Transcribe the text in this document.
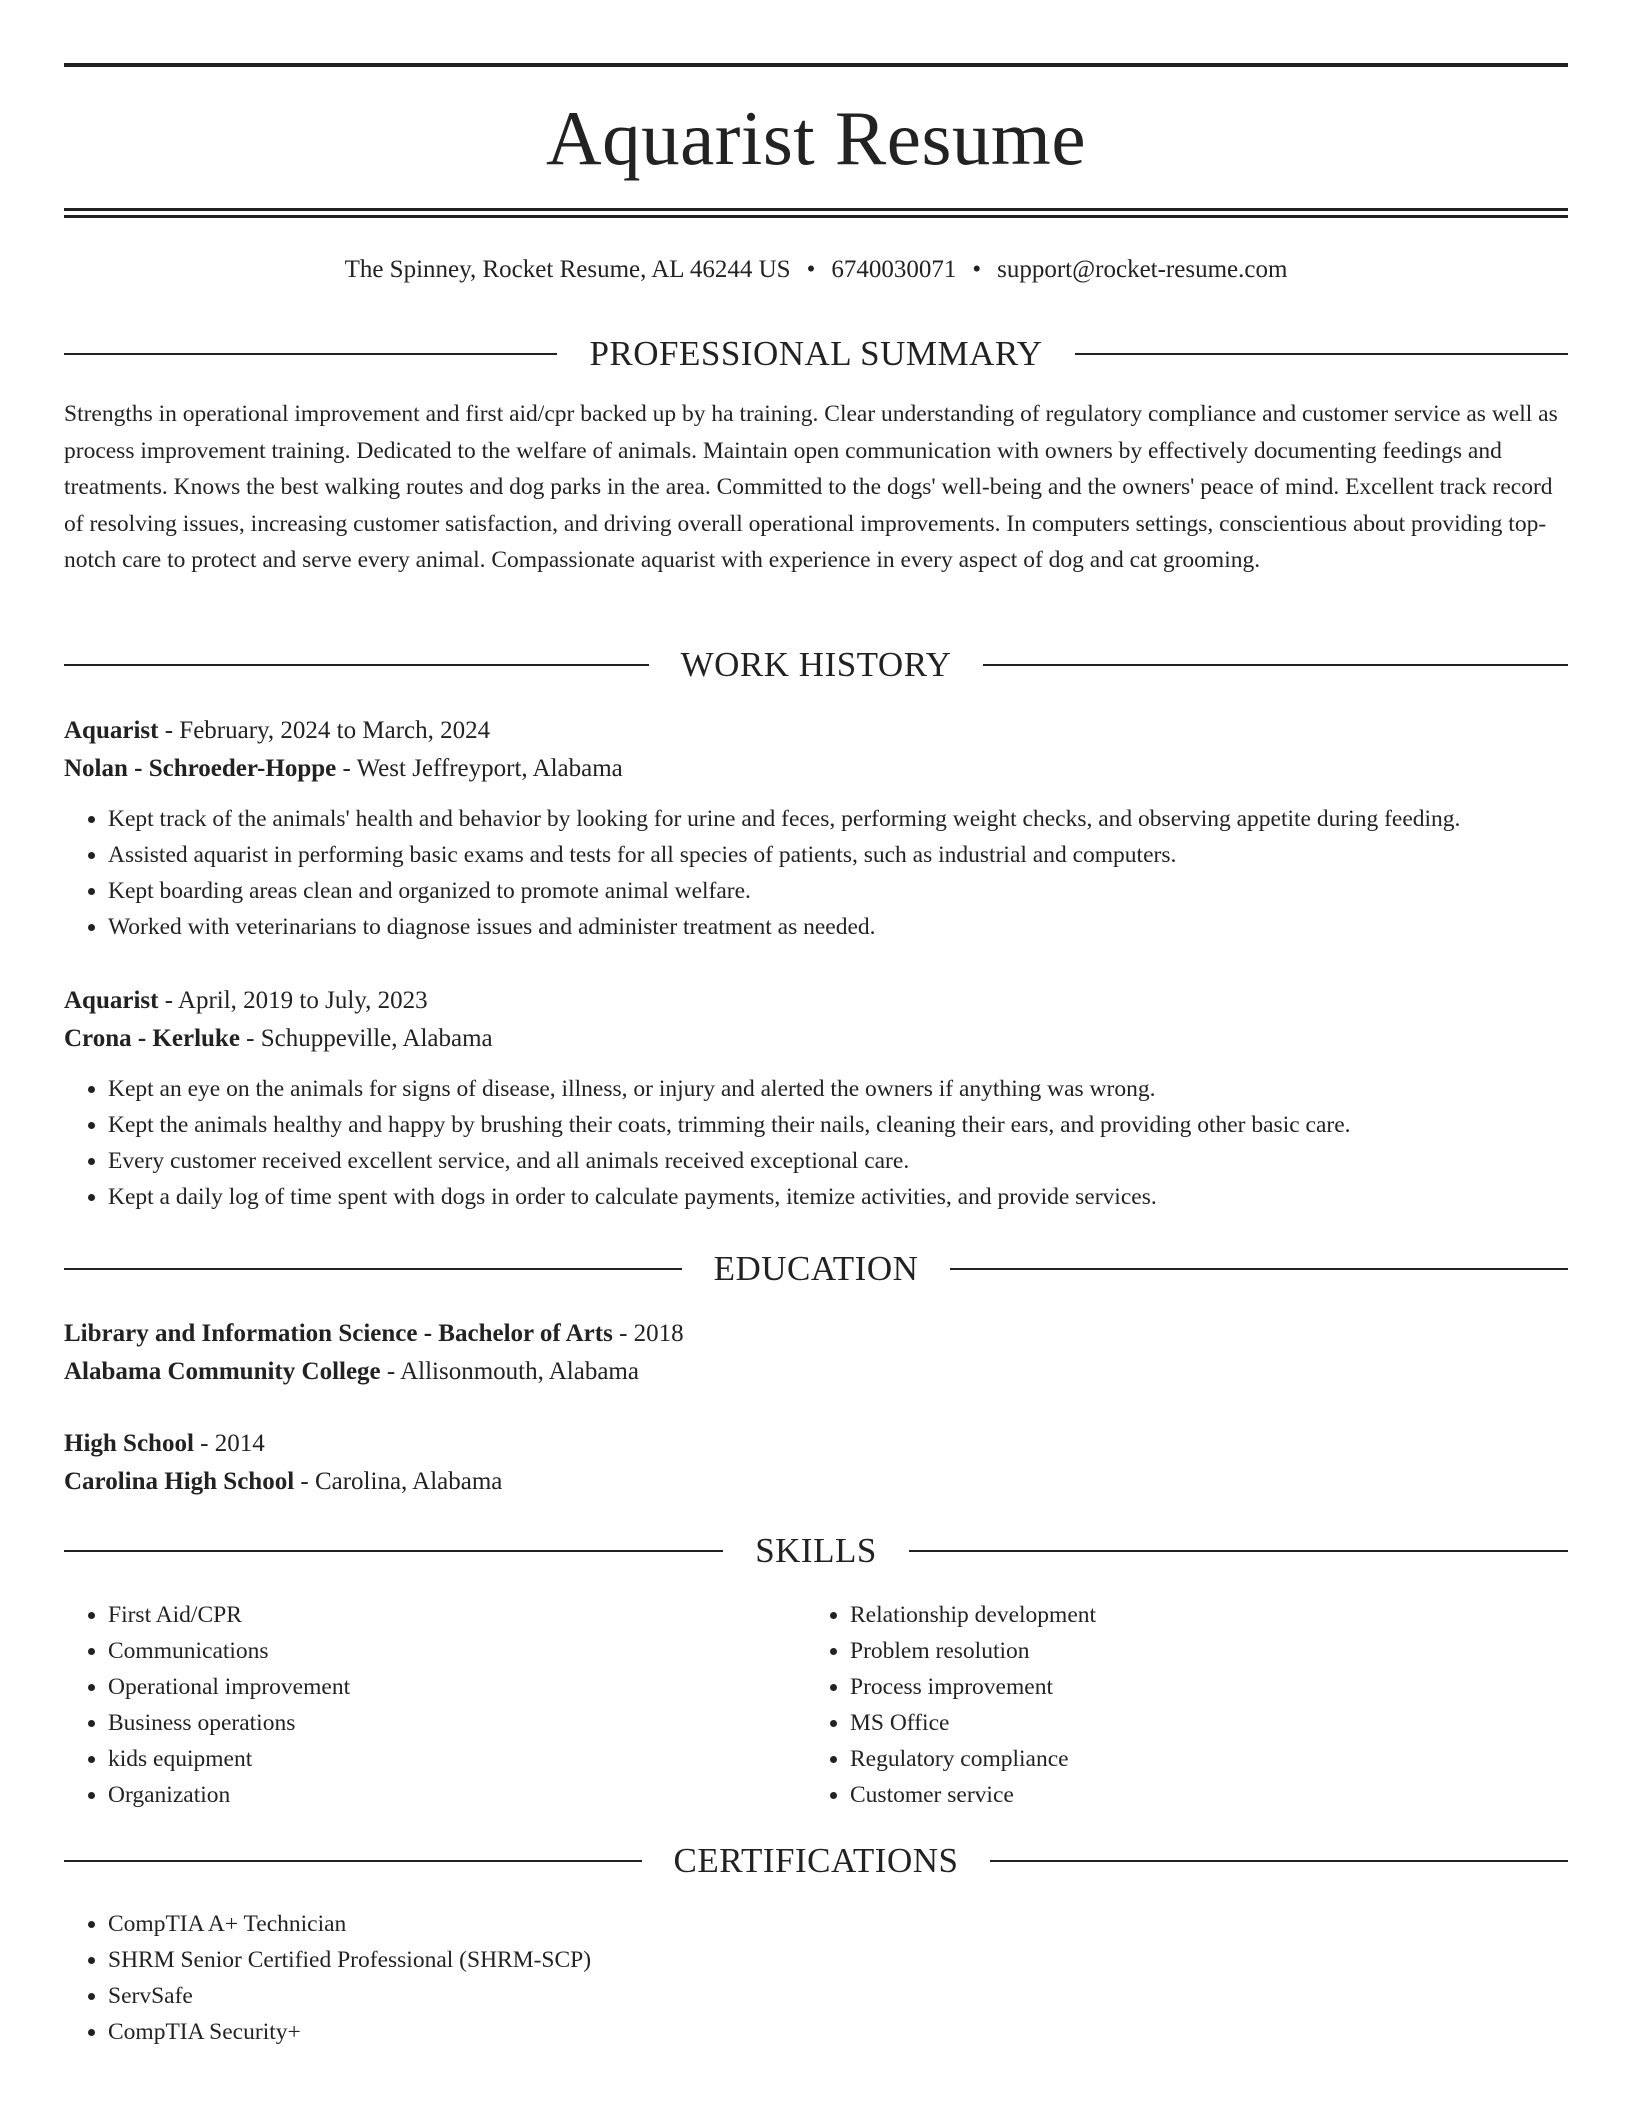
Aquarist Resume
The Spinney, Rocket Resume, AL 46244 US • 6740030071 • support@rocket-resume.com
PROFESSIONAL SUMMARY
Strengths in operational improvement and first aid/cpr backed up by ha training. Clear understanding of regulatory compliance and customer service as well as process improvement training. Dedicated to the welfare of animals. Maintain open communication with owners by effectively documenting feedings and treatments. Knows the best walking routes and dog parks in the area. Committed to the dogs' well-being and the owners' peace of mind. Excellent track record of resolving issues, increasing customer satisfaction, and driving overall operational improvements. In computers settings, conscientious about providing top-notch care to protect and serve every animal. Compassionate aquarist with experience in every aspect of dog and cat grooming.
WORK HISTORY
Aquarist - February, 2024 to March, 2024
Nolan - Schroeder-Hoppe - West Jeffreyport, Alabama
• Kept track of the animals' health and behavior by looking for urine and feces, performing weight checks, and observing appetite during feeding.
• Assisted aquarist in performing basic exams and tests for all species of patients, such as industrial and computers.
• Kept boarding areas clean and organized to promote animal welfare.
• Worked with veterinarians to diagnose issues and administer treatment as needed.
Aquarist - April, 2019 to July, 2023
Crona - Kerluke - Schuppeville, Alabama
• Kept an eye on the animals for signs of disease, illness, or injury and alerted the owners if anything was wrong.
• Kept the animals healthy and happy by brushing their coats, trimming their nails, cleaning their ears, and providing other basic care.
• Every customer received excellent service, and all animals received exceptional care.
• Kept a daily log of time spent with dogs in order to calculate payments, itemize activities, and provide services.
EDUCATION
Library and Information Science - Bachelor of Arts - 2018
Alabama Community College - Allisonmouth, Alabama
High School - 2014
Carolina High School - Carolina, Alabama
SKILLS
• First Aid/CPR
• Communications
• Operational improvement
• Business operations
• kids equipment
• Organization
• Relationship development
• Problem resolution
• Process improvement
• MS Office
• Regulatory compliance
• Customer service
CERTIFICATIONS
• CompTIA A+ Technician
• SHRM Senior Certified Professional (SHRM-SCP)
• ServSafe
• CompTIA Security+
